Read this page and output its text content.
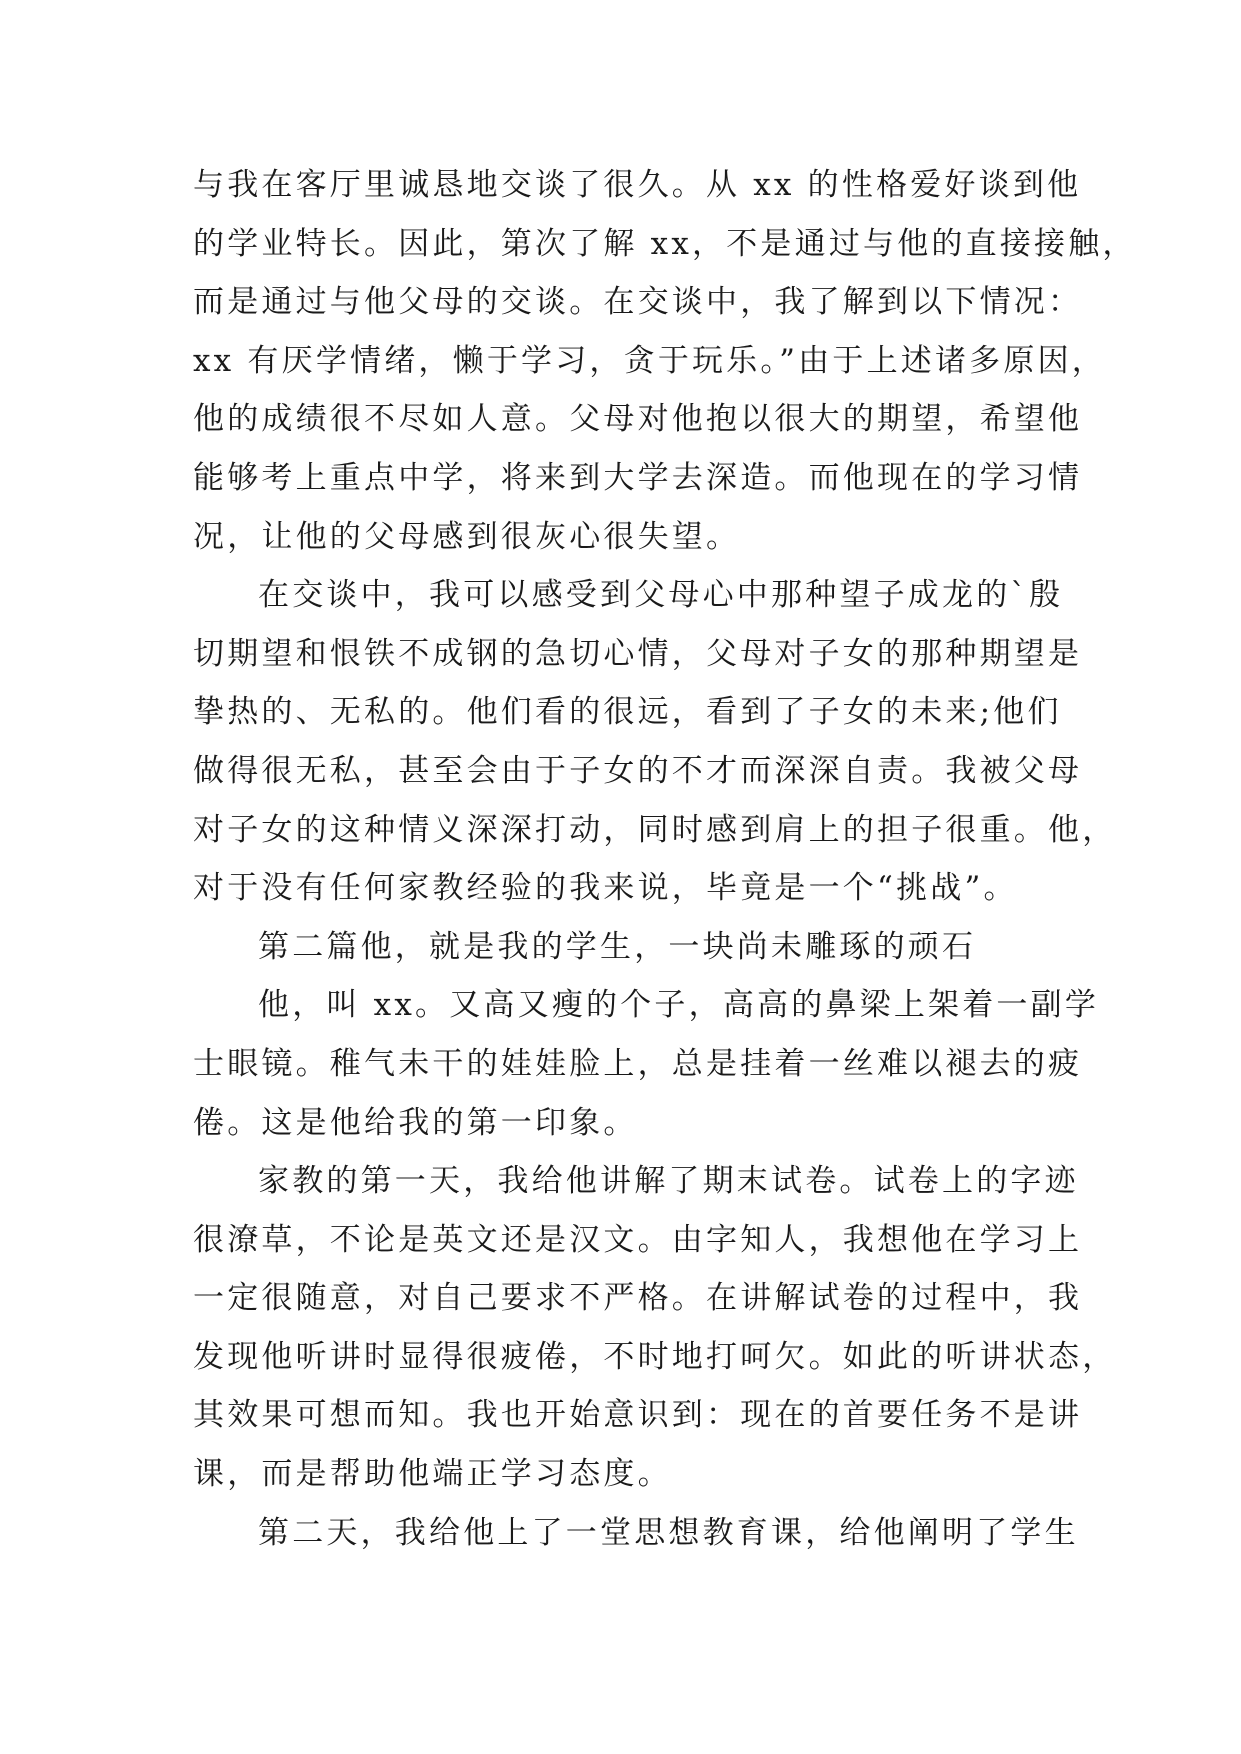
与我在客厅里诚恳地交谈了很久。从 xx 的性格爱好谈到他
的学业特长。因此，第次了解 xx，不是通过与他的直接接触，
而是通过与他父母的交谈。在交谈中，我了解到以下情况：
xx 有厌学情绪，懒于学习，贪于玩乐。”由于上述诸多原因，
他的成绩很不尽如人意。父母对他抱以很大的期望，希望他
能够考上重点中学，将来到大学去深造。而他现在的学习情
况，让他的父母感到很灰心很失望。
在交谈中，我可以感受到父母心中那种望子成龙的`殷
切期望和恨铁不成钢的急切心情，父母对子女的那种期望是
挚热的、无私的。他们看的很远，看到了子女的未来;他们
做得很无私，甚至会由于子女的不才而深深自责。我被父母
对子女的这种情义深深打动，同时感到肩上的担子很重。他，
对于没有任何家教经验的我来说，毕竟是一个“挑战”。
第二篇他，就是我的学生，一块尚未雕琢的顽石
他，叫 xx。又高又瘦的个子，高高的鼻梁上架着一副学
士眼镜。稚气未干的娃娃脸上，总是挂着一丝难以褪去的疲
倦。这是他给我的第一印象。
家教的第一天，我给他讲解了期末试卷。试卷上的字迹
很潦草，不论是英文还是汉文。由字知人，我想他在学习上
一定很随意，对自己要求不严格。在讲解试卷的过程中，我
发现他听讲时显得很疲倦，不时地打呵欠。如此的听讲状态，
其效果可想而知。我也开始意识到：现在的首要任务不是讲
课，而是帮助他端正学习态度。
第二天，我给他上了一堂思想教育课，给他阐明了学生
